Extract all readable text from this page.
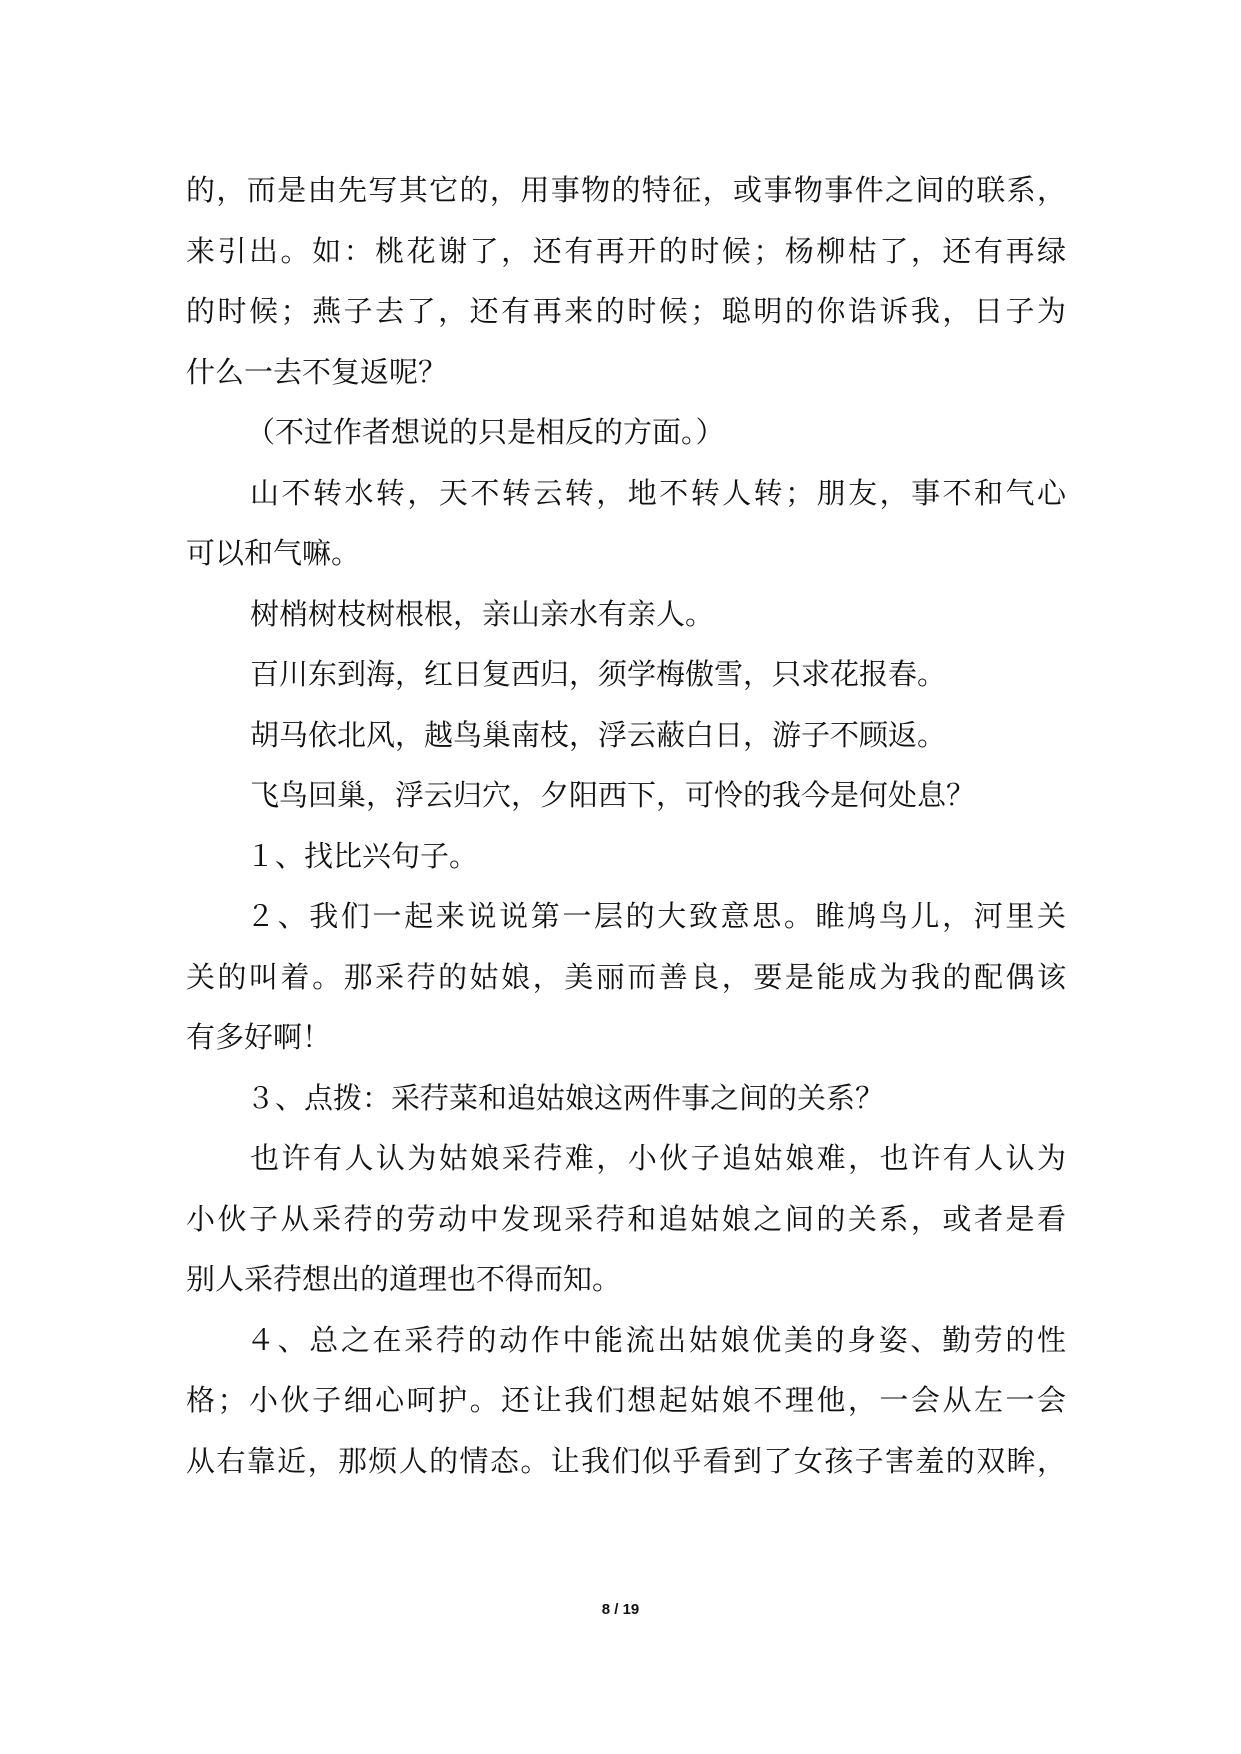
的，而是由先写其它的，用事物的特征，或事物事件之间的联系，
来引出。如：桃花谢了，还有再开的时候；杨柳枯了，还有再绿
的时候；燕子去了，还有再来的时候；聪明的你诰诉我，日子为
什么一去不复返呢？
（不过作者想说的只是相反的方面。）
山不转水转，天不转云转，地不转人转；朋友，事不和气心
可以和气嘛。
树梢树枝树根根，亲山亲水有亲人。
百川东到海，红日复西归，须学梅傲雪，只求花报春。
胡马依北风，越鸟巢南枝，浮云蔽白日，游子不顾返。
飞鸟回巢，浮云归穴，夕阳西下，可怜的我今是何处息？
１、找比兴句子。
２、我们一起来说说第一层的大致意思。睢鸠鸟儿，河里关
关的叫着。那采荇的姑娘，美丽而善良，要是能成为我的配偶该
有多好啊！
３、点拨：采荇菜和追姑娘这两件事之间的关系？
也许有人认为姑娘采荇难，小伙子追姑娘难，也许有人认为
小伙子从采荇的劳动中发现采荇和追姑娘之间的关系，或者是看
别人采荇想出的道理也不得而知。
４、总之在采荇的动作中能流出姑娘优美的身姿、勤劳的性
格；小伙子细心呵护。还让我们想起姑娘不理他，一会从左一会
从右靠近，那烦人的情态。让我们似乎看到了女孩子害羞的双眸，
8 / 19
